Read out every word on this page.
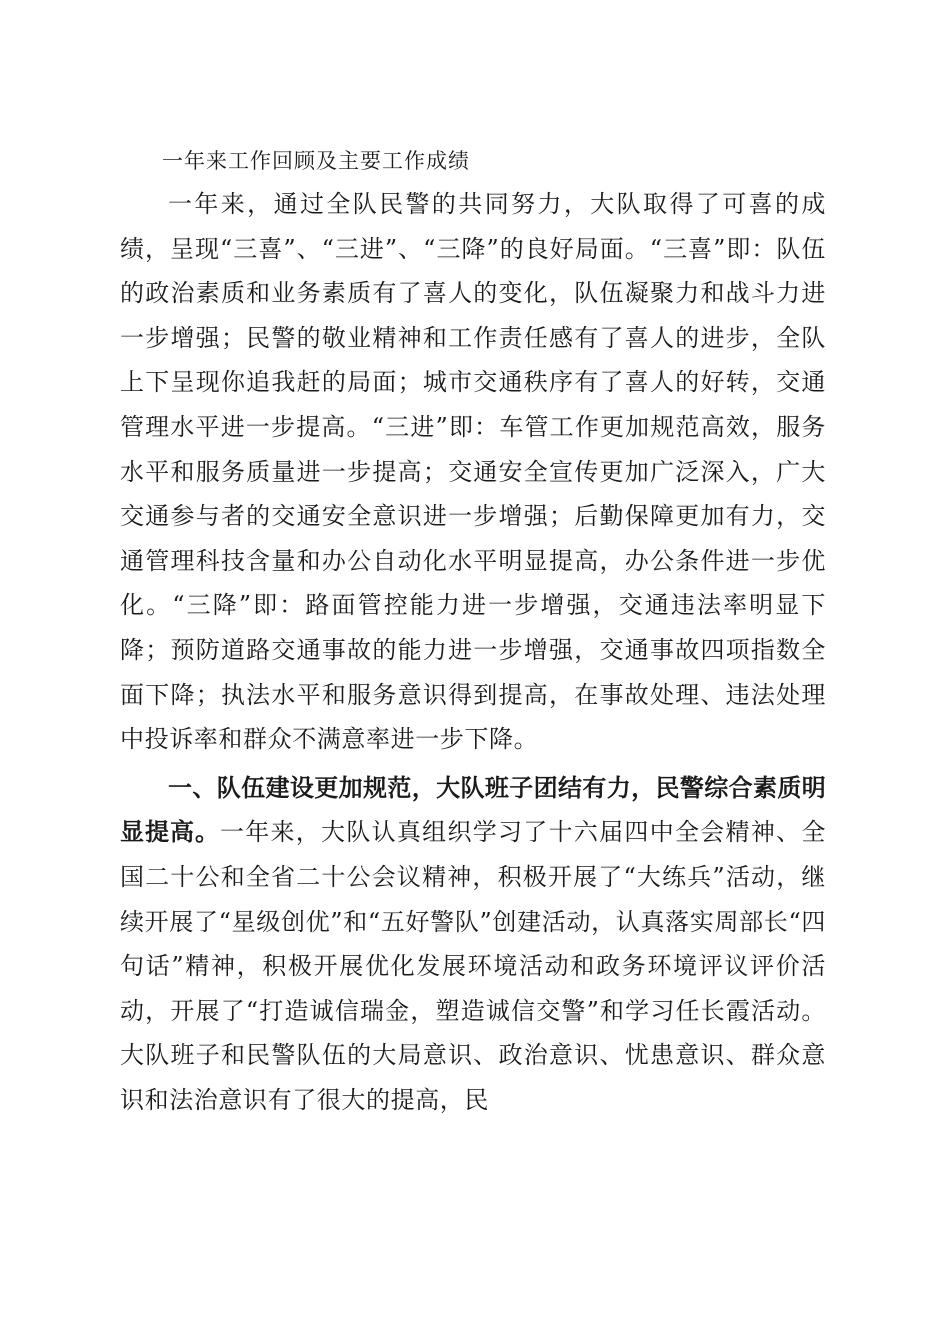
一年来工作回顾及主要工作成绩

一年来，通过全队民警的共同努力，大队取得了可喜的成绩，呈现“三喜”、“三进”、“三降”的良好局面。“三喜”即：队伍的政治素质和业务素质有了喜人的变化，队伍凝聚力和战斗力进一步增强；民警的敬业精神和工作责任感有了喜人的进步，全队上下呈现你追我赶的局面；城市交通秩序有了喜人的好转，交通管理水平进一步提高。“三进”即：车管工作更加规范高效，服务水平和服务质量进一步提高；交通安全宣传更加广泛深入，广大交通参与者的交通安全意识进一步增强；后勤保障更加有力，交通管理科技含量和办公自动化水平明显提高，办公条件进一步优化。“三降”即：路面管控能力进一步增强，交通违法率明显下降；预防道路交通事故的能力进一步增强，交通事故四项指数全面下降；执法水平和服务意识得到提高，在事故处理、违法处理中投诉率和群众不满意率进一步下降。

一、队伍建设更加规范，大队班子团结有力，民警综合素质明显提高。一年来，大队认真组织学习了十六届四中全会精神、全国二十公和全省二十公会议精神，积极开展了“大练兵”活动，继续开展了“星级创优”和“五好警队”创建活动，认真落实周部长“四句话”精神，积极开展优化发展环境活动和政务环境评议评价活动，开展了“打造诚信瑞金，塑造诚信交警”和学习任长霞活动。大队班子和民警队伍的大局意识、政治意识、忧患意识、群众意识和法治意识有了很大的提高，民
